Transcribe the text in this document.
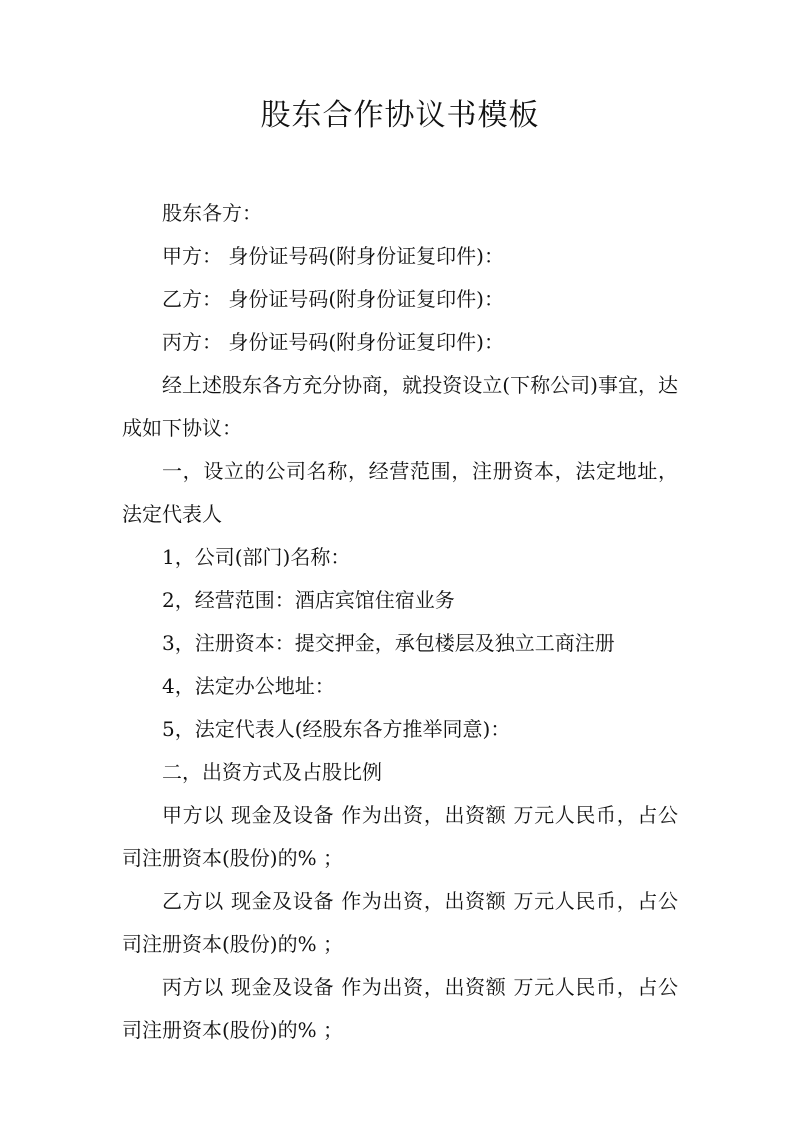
股东合作协议书模板

股东各方：

甲方： 身份证号码(附身份证复印件)：

乙方： 身份证号码(附身份证复印件)：

丙方： 身份证号码(附身份证复印件)：

经上述股东各方充分协商，就投资设立(下称公司)事宜，达成如下协议：

一，设立的公司名称，经营范围，注册资本，法定地址，法定代表人

1，公司(部门)名称：

2，经营范围：酒店宾馆住宿业务

3，注册资本：提交押金，承包楼层及独立工商注册

4，法定办公地址：

5，法定代表人(经股东各方推举同意)：

二，出资方式及占股比例

甲方以 现金及设备 作为出资，出资额 万元人民币，占公司注册资本(股份)的% ；

乙方以 现金及设备 作为出资，出资额 万元人民币，占公司注册资本(股份)的% ；

丙方以 现金及设备 作为出资，出资额 万元人民币，占公司注册资本(股份)的% ；
